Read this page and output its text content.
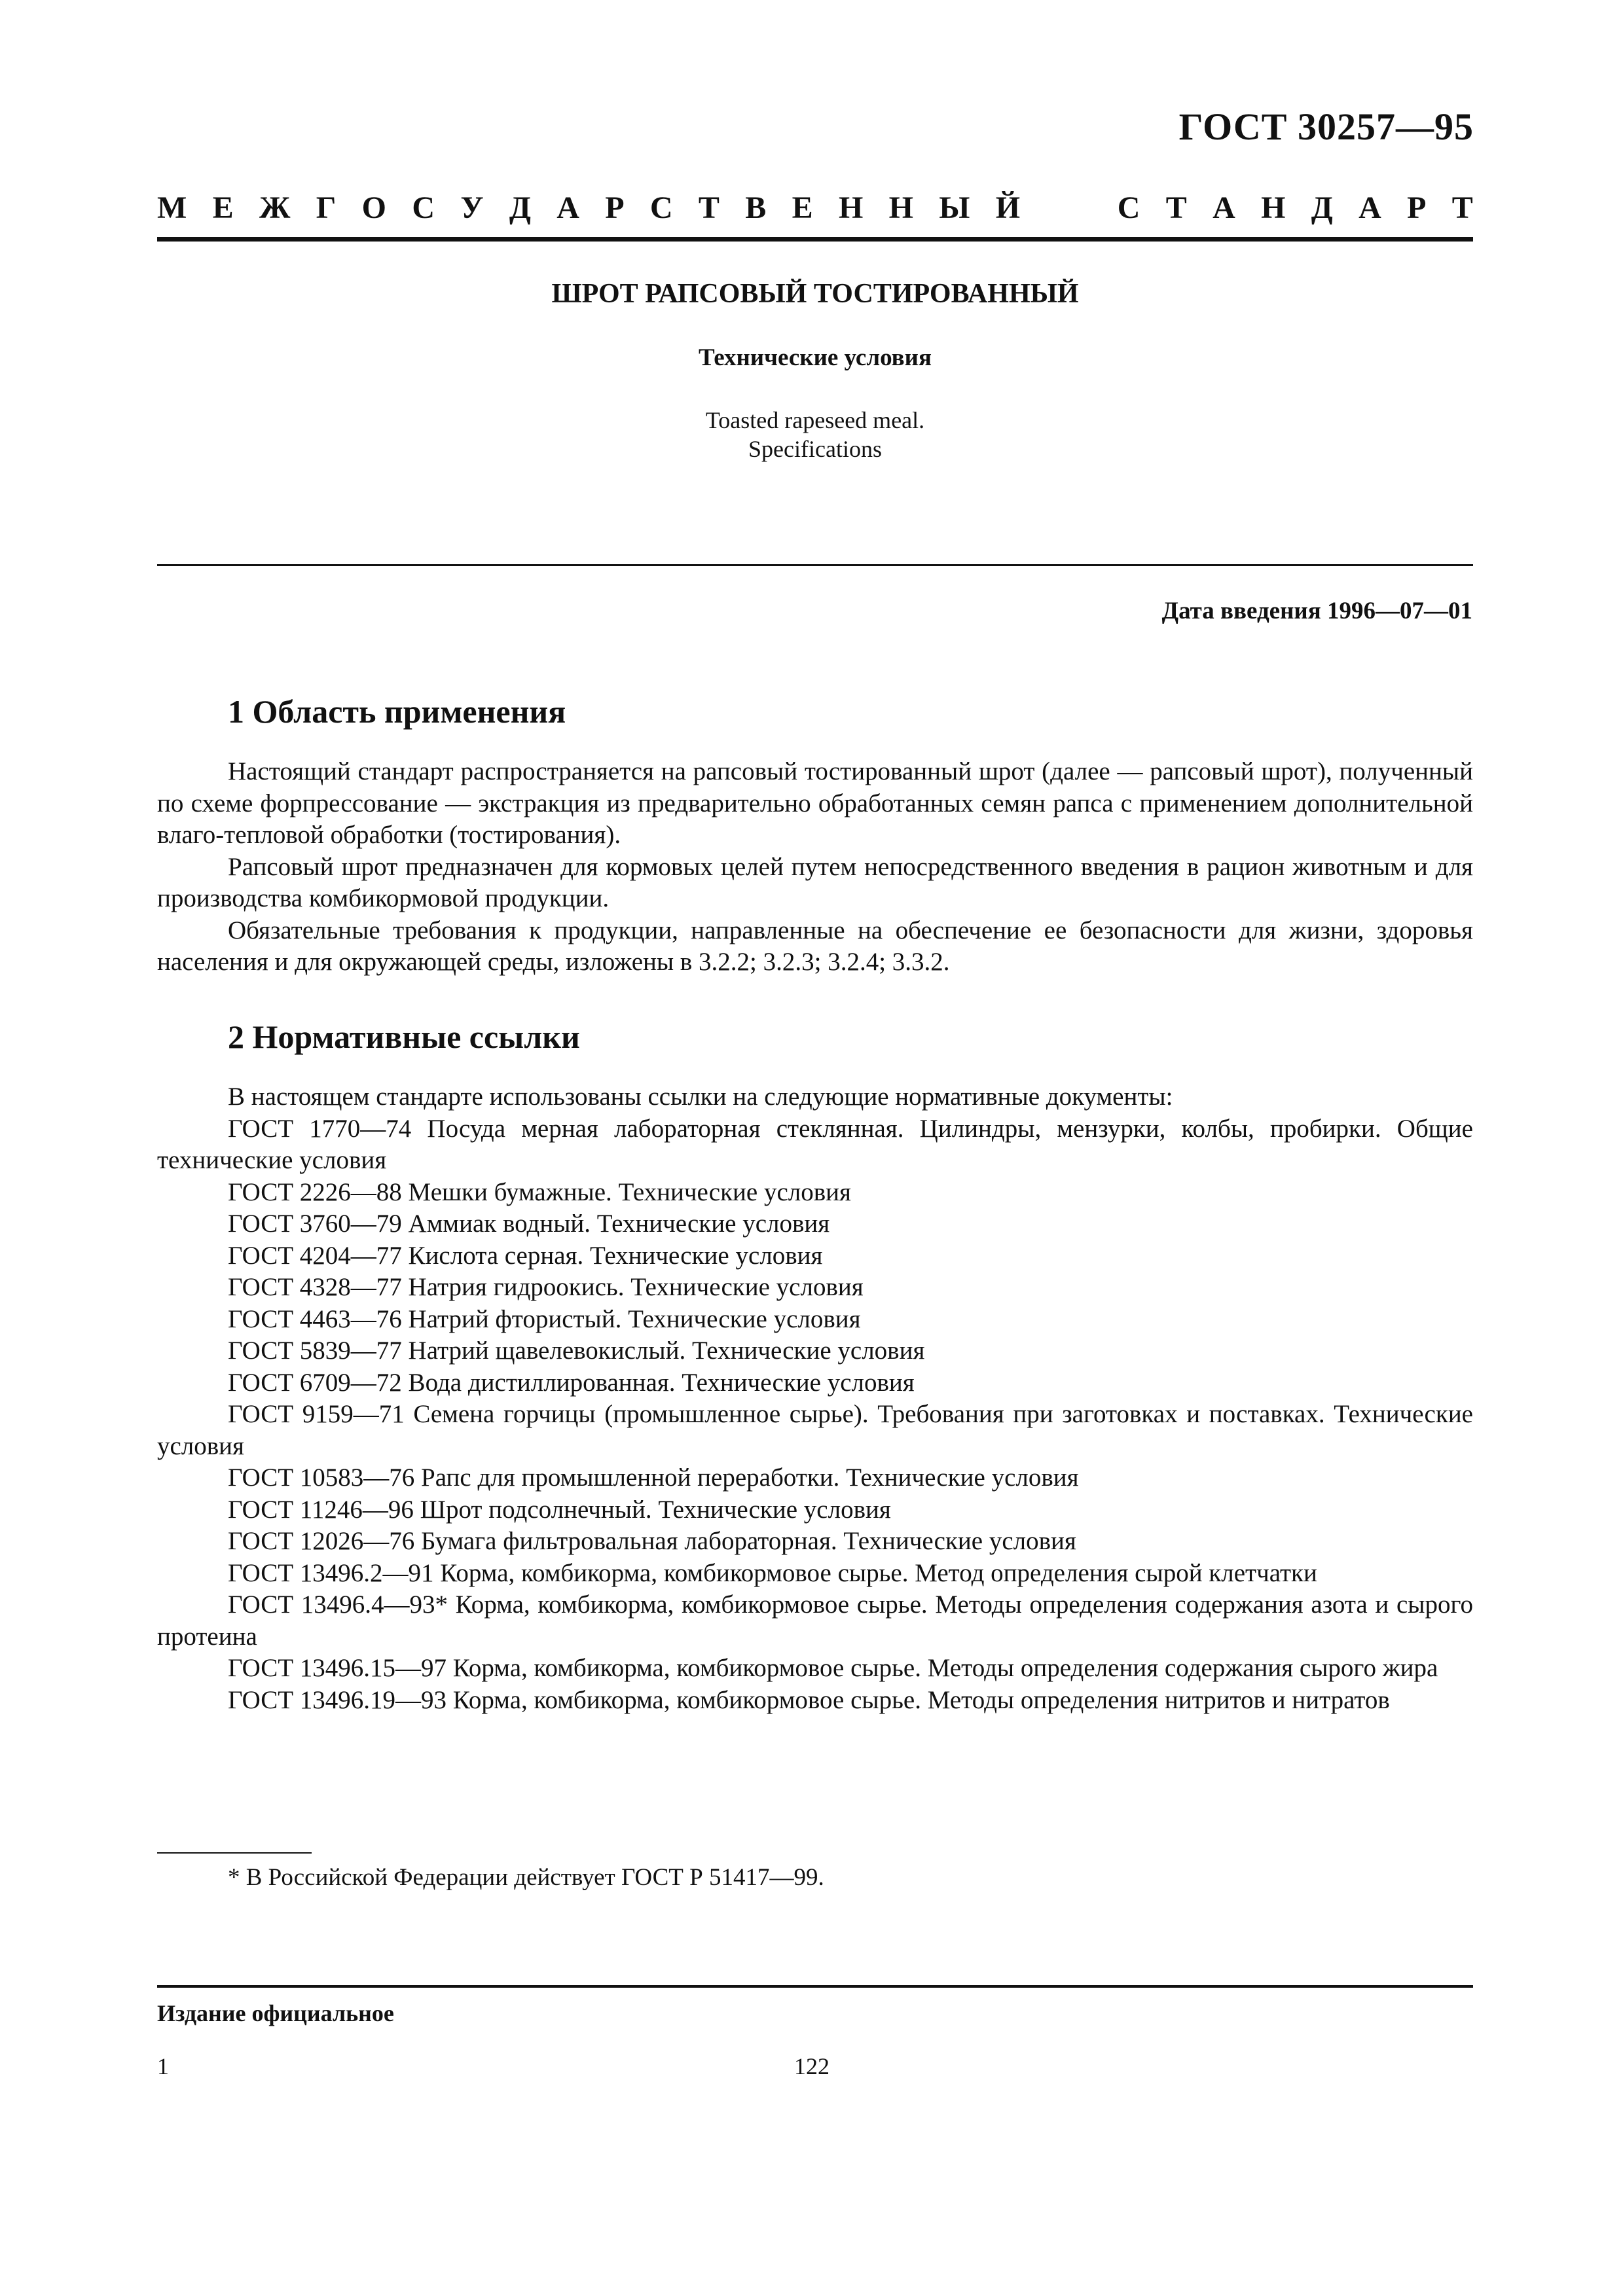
ГОСТ 30257—95
М Е Ж Г О С У Д А Р С Т В Е Н Н Ы Й	С Т А Н Д А Р Т
ШРОТ РАПСОВЫЙ ТОСТИРОВАННЫЙ
Технические условия
Toasted rapeseed meal.
Specifications
Дата введения 1996—07—01
1 Область применения

Настоящий стандарт распространяется на рапсовый тостированный шрот (далее — рапсовый шрот), полученный по схеме форпрессование — экстракция из предварительно обработанных семян рапса с применением дополнительной влаго-тепловой обработки (тостирования).

Рапсовый шрот предназначен для кормовых целей путем непосредственного введения в рацион животным и для производства комбикормовой продукции.

Обязательные требования к продукции, направленные на обеспечение ее безопасности для жизни, здоровья населения и для окружающей среды, изложены в 3.2.2; 3.2.3; 3.2.4; 3.3.2.

2 Нормативные ссылки

В настоящем стандарте использованы ссылки на следующие нормативные документы:

ГОСТ 1770—74 Посуда мерная лабораторная стеклянная. Цилиндры, мензурки, колбы, пробирки. Общие технические условия

ГОСТ 2226—88 Мешки бумажные. Технические условия

ГОСТ 3760—79 Аммиак водный. Технические условия

ГОСТ 4204—77 Кислота серная. Технические условия

ГОСТ 4328—77 Натрия гидроокись. Технические условия

ГОСТ 4463—76 Натрий фтористый. Технические условия

ГОСТ 5839—77 Натрий щавелевокислый. Технические условия

ГОСТ 6709—72 Вода дистиллированная. Технические условия

ГОСТ 9159—71 Семена горчицы (промышленное сырье). Требования при заготовках и поставках. Технические условия

ГОСТ 10583—76 Рапс для промышленной переработки. Технические условия

ГОСТ 11246—96 Шрот подсолнечный. Технические условия

ГОСТ 12026—76 Бумага фильтровальная лабораторная. Технические условия

ГОСТ 13496.2—91 Корма, комбикорма, комбикормовое сырье. Метод определения сырой клетчатки

ГОСТ 13496.4—93* Корма, комбикорма, комбикормовое сырье. Методы определения содержания азота и сырого протеина

ГОСТ 13496.15—97 Корма, комбикорма, комбикормовое сырье. Методы определения содержания сырого жира

ГОСТ 13496.19—93 Корма, комбикорма, комбикормовое сырье. Методы определения нитритов и нитратов

* В Российской Федерации действует ГОСТ Р 51417—99.
Издание официальное
1	122
